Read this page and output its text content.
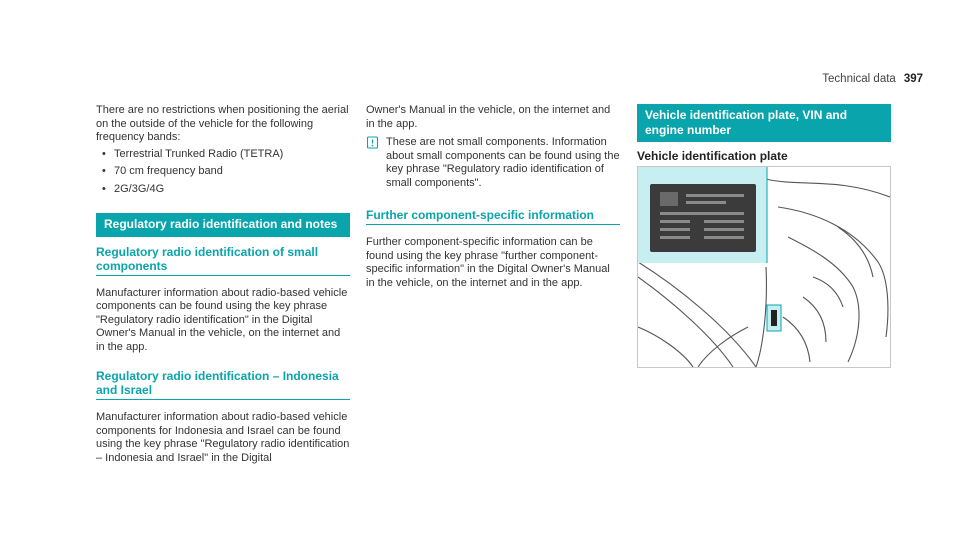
Technical data 397

There are no restrictions when positioning the aerial on the outside of the vehicle for the following frequency bands:

• Terrestrial Trunked Radio (TETRA)
• 70 cm frequency band
• 2G/3G/4G
Regulatory radio identification and notes
Regulatory radio identification of small components

Manufacturer information about radio-based vehicle components can be found using the key phrase "Regulatory radio identification" in the Digital Owner's Manual in the vehicle, on the internet and in the app.

Regulatory radio identification – Indonesia and Israel

Manufacturer information about radio-based vehicle components for Indonesia and Israel can be found using the key phrase "Regulatory radio identification – Indonesia and Israel" in the Digital

Owner's Manual in the vehicle, on the internet and in the app.

These are not small components. Information about small components can be found using the key phrase "Regulatory radio identification of small components".

Further component-specific information

Further component-specific information can be found using the key phrase "further component-specific information" in the Digital Owner's Manual in the vehicle, on the internet and in the app.

Vehicle identification plate, VIN and engine number
Vehicle identification plate
